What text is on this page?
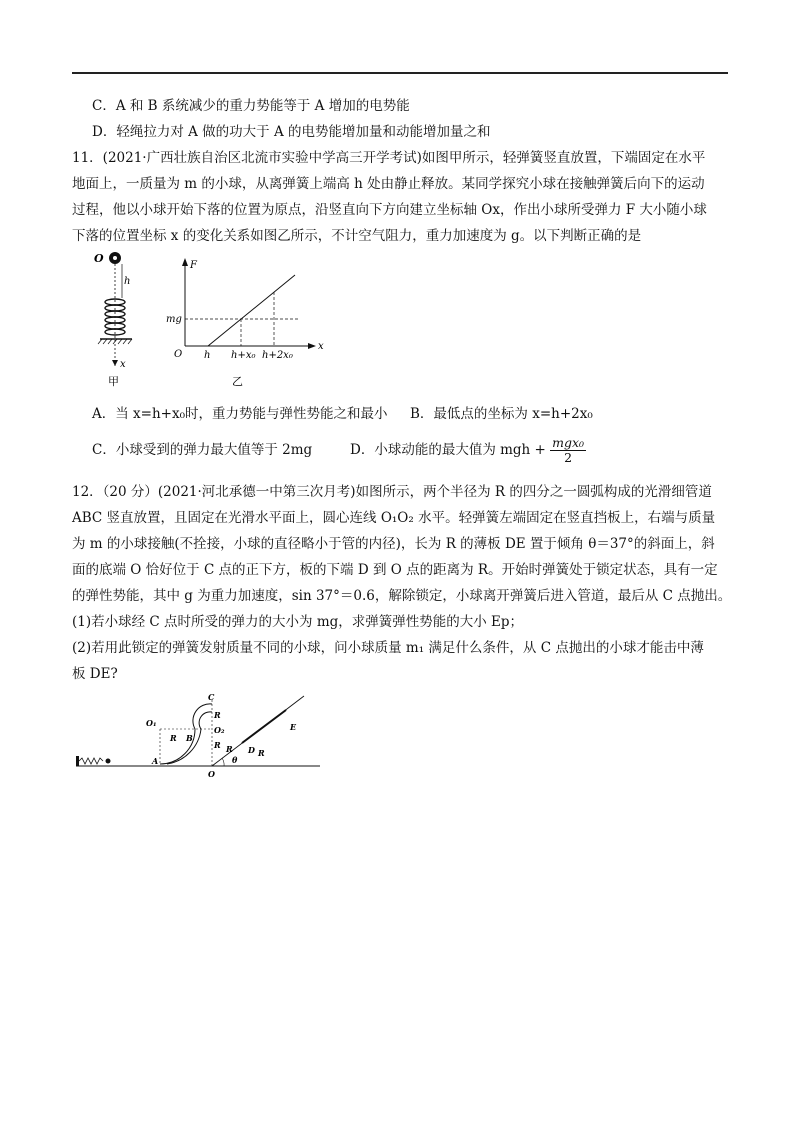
C．A 和 B 系统减少的重力势能等于 A 增加的电势能
D．轻绳拉力对 A 做的功大于 A 的电势能增加量和动能增加量之和
11．(2021·广西壮族自治区北流市实验中学高三开学考试)如图甲所示，轻弹簧竖直放置，下端固定在水平
地面上，一质量为 m 的小球，从离弹簧上端高 h 处由静止释放。某同学探究小球在接触弹簧后向下的运动
过程，他以小球开始下落的位置为原点，沿竖直向下方向建立坐标轴 Ox，作出小球所受弹力 F 大小随小球
下落的位置坐标 x 的变化关系如图乙所示，不计空气阻力，重力加速度为 g。以下判断正确的是
O
h
x
甲
F
x
O
mg
h h+x₀ h+2x₀
乙
A．当 x=h+x₀时，重力势能与弹性势能之和最小 B．最低点的坐标为 x=h+2x₀
C．小球受到的弹力最大值等于 2mg	D．小球动能的最大值为 mgh + $\frac{\text{mgx₀}}{2}$
12．（20 分）(2021·河北承德一中第三次月考)如图所示，两个半径为 R 的四分之一圆弧构成的光滑细管道
ABC 竖直放置，且固定在光滑水平面上，圆心连线 O₁O₂ 水平。轻弹簧左端固定在竖直挡板上，右端与质量
为 m 的小球接触(不拴接，小球的直径略小于管的内径)，长为 R 的薄板 DE 置于倾角 θ＝37°的斜面上，斜
面的底端 O 恰好位于 C 点的正下方，板的下端 D 到 O 点的距离为 R。开始时弹簧处于锁定状态，具有一定
的弹性势能，其中 g 为重力加速度，sin 37°＝0.6，解除锁定，小球离开弹簧后进入管道，最后从 C 点抛出。
(1)若小球经 C 点时所受的弹力的大小为 mg，求弹簧弹性势能的大小 Ep；
(2)若用此锁定的弹簧发射质量不同的小球，问小球质量 m₁ 满足什么条件，从 C 点抛出的小球才能击中薄
板 DE?
C
R
O₁
O₂
R
B
R
A
R	R
D
E
θ
O
